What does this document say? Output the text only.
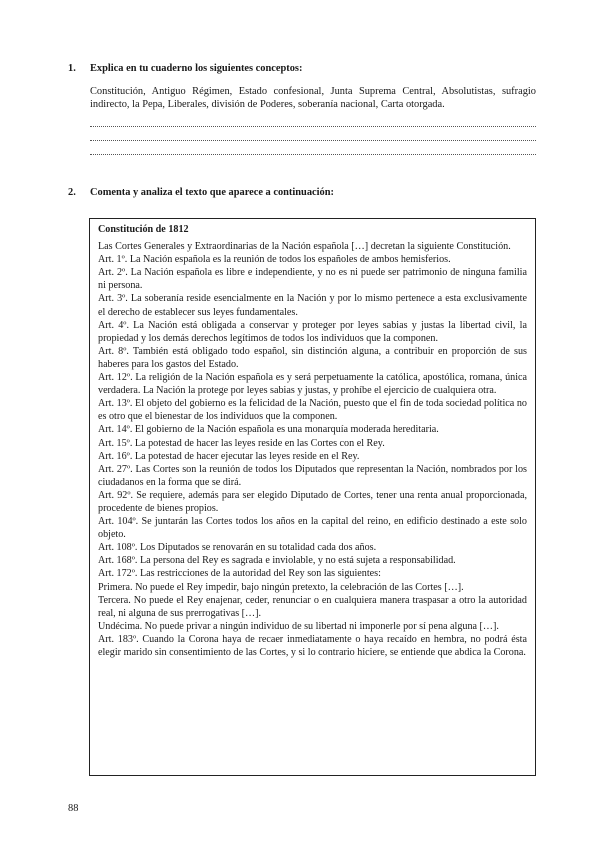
1.	Explica en tu cuaderno los siguientes conceptos:
Constitución, Antiguo Régimen, Estado confesional, Junta Suprema Central, Absolutistas, sufragio indirecto, la Pepa, Liberales, división de Poderes, soberanía nacional, Carta otorgada.
2.	Comenta y analiza el texto que aparece a continuación:
Constitución de 1812

Las Cortes Generales y Extraordinarias de la Nación española […] decretan la siguiente Constitución.

Art. 1º. La Nación española es la reunión de todos los españoles de ambos hemisferios.

Art. 2º. La Nación española es libre e independiente, y no es ni puede ser patrimonio de ninguna familia ni persona.

Art. 3º. La soberanía reside esencialmente en la Nación y por lo mismo pertenece a esta exclusivamente el derecho de establecer sus leyes fundamentales.

Art. 4º. La Nación está obligada a conservar y proteger por leyes sabias y justas la libertad civil, la propiedad y los demás derechos legítimos de todos los individuos que la componen.

Art. 8º. También está obligado todo español, sin distinción alguna, a contribuir en proporción de sus haberes para los gastos del Estado.

Art. 12º. La religión de la Nación española es y será perpetuamente la católica, apostólica, romana, única verdadera. La Nación la protege por leyes sabias y justas, y prohíbe el ejercicio de cualquiera otra.

Art. 13º. El objeto del gobierno es la felicidad de la Nación, puesto que el fin de toda sociedad política no es otro que el bienestar de los individuos que la componen.

Art. 14º. El gobierno de la Nación española es una monarquía moderada hereditaria.

Art. 15º. La potestad de hacer las leyes reside en las Cortes con el Rey.

Art. 16º. La potestad de hacer ejecutar las leyes reside en el Rey.

Art. 27º. Las Cortes son la reunión de todos los Diputados que representan la Nación, nombrados por los ciudadanos en la forma que se dirá.

Art. 92º. Se requiere, además para ser elegido Diputado de Cortes, tener una renta anual proporcionada, procedente de bienes propios.

Art. 104º. Se juntarán las Cortes todos los años en la capital del reino, en edificio destinado a este solo objeto.

Art. 108º. Los Diputados se renovarán en su totalidad cada dos años.

Art. 168º. La persona del Rey es sagrada e inviolable, y no está sujeta a responsabilidad.

Art. 172º. Las restricciones de la autoridad del Rey son las siguientes:

Primera. No puede el Rey impedir, bajo ningún pretexto, la celebración de las Cortes […].

Tercera. No puede el Rey enajenar, ceder, renunciar o en cualquiera manera traspasar a otro la autoridad real, ni alguna de sus prerrogativas […].

Undécima. No puede privar a ningún individuo de su libertad ni imponerle por sí pena alguna […].

Art. 183º. Cuando la Corona haya de recaer inmediatamente o haya recaído en hembra, no podrá ésta elegir marido sin consentimiento de las Cortes, y si lo contrario hiciere, se entiende que abdica la Corona.

88
